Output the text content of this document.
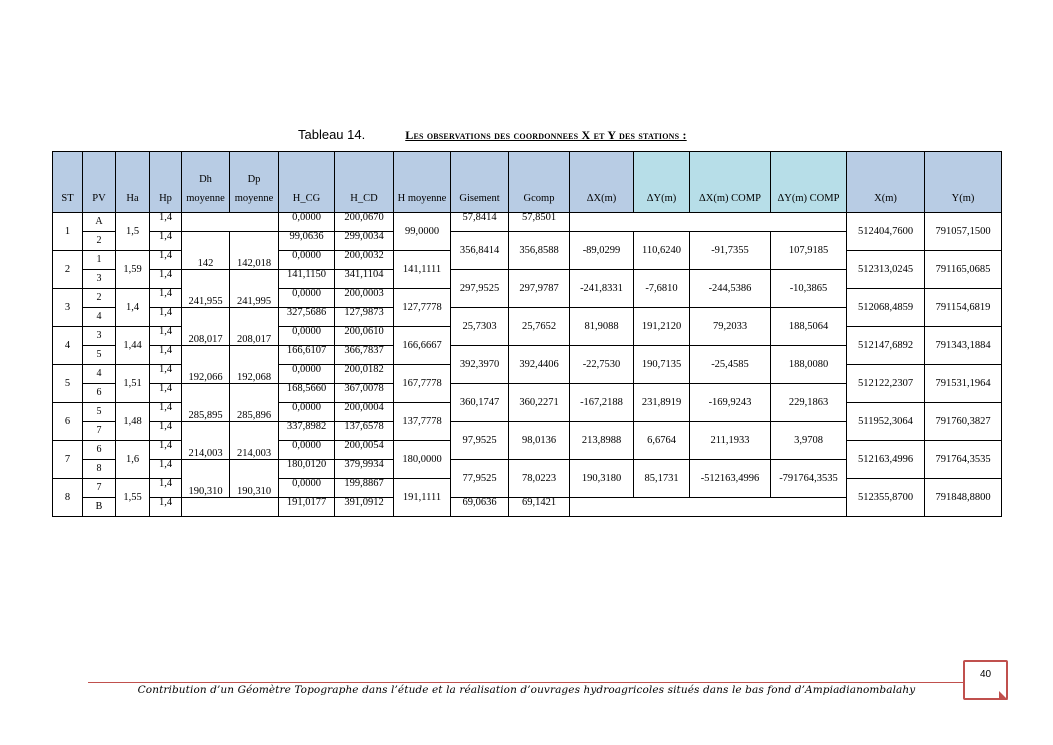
Tableau 14.	Les observations des coordonnees X et Y des stations :
ST	PV	Ha	Hp	Dh moyenne	Dp moyenne	H_CG	H_CD	H moyenne	Gisement	Gcomp	ΔX(m)	ΔY(m)	ΔX(m) COMP	ΔY(m) COMP	X(m)	Y(m)
1	A	1,5	1,4			0,0000	200,0670	99,0000	57,8414	57,8501					512404,7600	791057,1500

	2		1,4	142	142,018	99,0636	299,0034		356,8414	356,8588	-89,0299	110,6240	-91,7355	107,9185		

2	1	1,59	1,4			0,0000	200,0032	141,1111							512313,0245	791165,0685

	3		1,4	241,955	241,995	141,1150	341,1104		297,9525	297,9787	-241,8331	-7,6810	-244,5386	-10,3865		

3	2	1,4	1,4			0,0000	200,0003	127,7778							512068,4859	791154,6819

	4		1,4	208,017	208,017	327,5686	127,9873		25,7303	25,7652	81,9088	191,2120	79,2033	188,5064		

4	3	1,44	1,4			0,0000	200,0610	166,6667							512147,6892	791343,1884

	5		1,4	192,066	192,068	166,6107	366,7837		392,3970	392,4406	-22,7530	190,7135	-25,4585	188,0080		

5	4	1,51	1,4			0,0000	200,0182	167,7778							512122,2307	791531,1964

	6		1,4	285,895	285,896	168,5660	367,0078		360,1747	360,2271	-167,2188	231,8919	-169,9243	229,1863		

6	5	1,48	1,4			0,0000	200,0004	137,7778							511952,3064	791760,3827

	7		1,4	214,003	214,003	337,8982	137,6578		97,9525	98,0136	213,8988	6,6764	211,1933	3,9708		

7	6	1,6	1,4			0,0000	200,0054	180,0000							512163,4996	791764,3535

	8		1,4	190,310	190,310	180,0120	379,9934		77,9525	78,0223	190,3180	85,1731	-512163,4996	-791764,3535		

8	7	1,55	1,4			0,0000	199,8867	191,1111							512355,8700	791848,8800

	B		1,4			191,0177	391,0912		69,0636	69,1421						

40
Contribution d’un Géomètre Topographe dans l’étude et la réalisation d’ouvrages hydroagricoles situés dans le bas fond d’Ampiadianombalahy
